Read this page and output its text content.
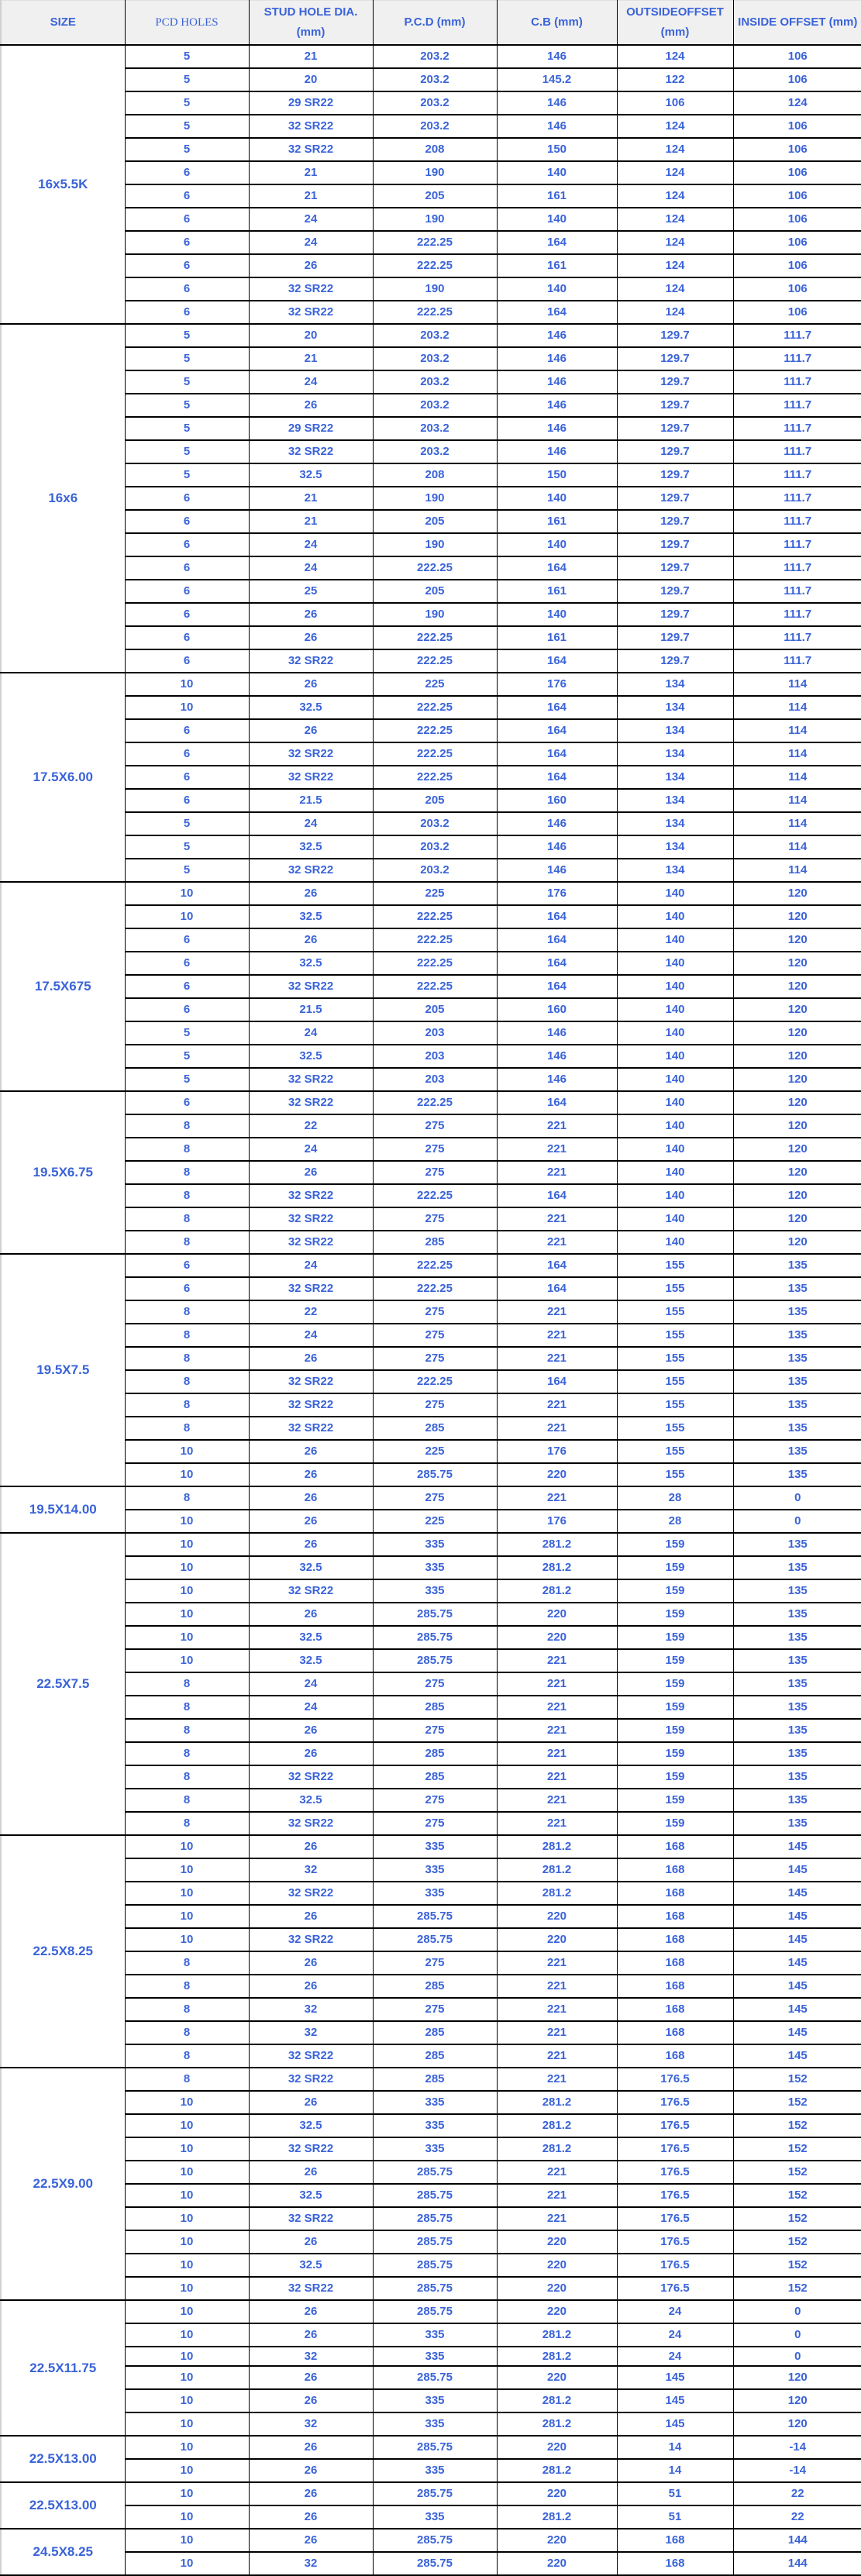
SIZE	PCD HOLES	STUD HOLE DIA. (mm)	P.C.D (mm)	C.B (mm)	OUTSIDEOFFSET (mm)	INSIDE OFFSET (mm)
16x5.5K	5	21	203.2	146	124	106
	5	20	203.2	145.2	122	106
	5	29 SR22	203.2	146	106	124
	5	32 SR22	203.2	146	124	106
	5	32 SR22	208	150	124	106
	6	21	190	140	124	106
	6	21	205	161	124	106
	6	24	190	140	124	106
	6	24	222.25	164	124	106
	6	26	222.25	161	124	106
	6	32 SR22	190	140	124	106
	6	32 SR22	222.25	164	124	106
16x6	5	20	203.2	146	129.7	111.7
	5	21	203.2	146	129.7	111.7
	5	24	203.2	146	129.7	111.7
	5	26	203.2	146	129.7	111.7
	5	29 SR22	203.2	146	129.7	111.7
	5	32 SR22	203.2	146	129.7	111.7
	5	32.5	208	150	129.7	111.7
	6	21	190	140	129.7	111.7
	6	21	205	161	129.7	111.7
	6	24	190	140	129.7	111.7
	6	24	222.25	164	129.7	111.7
	6	25	205	161	129.7	111.7
	6	26	190	140	129.7	111.7
	6	26	222.25	161	129.7	111.7
	6	32 SR22	222.25	164	129.7	111.7
17.5X6.00	10	26	225	176	134	114
	10	32.5	222.25	164	134	114
	6	26	222.25	164	134	114
	6	32 SR22	222.25	164	134	114
	6	32 SR22	222.25	164	134	114
	6	21.5	205	160	134	114
	5	24	203.2	146	134	114
	5	32.5	203.2	146	134	114
	5	32 SR22	203.2	146	134	114
17.5X675	10	26	225	176	140	120
	10	32.5	222.25	164	140	120
	6	26	222.25	164	140	120
	6	32.5	222.25	164	140	120
	6	32 SR22	222.25	164	140	120
	6	21.5	205	160	140	120
	5	24	203	146	140	120
	5	32.5	203	146	140	120
	5	32 SR22	203	146	140	120
19.5X6.75	6	32 SR22	222.25	164	140	120
	8	22	275	221	140	120
	8	24	275	221	140	120
	8	26	275	221	140	120
	8	32 SR22	222.25	164	140	120
	8	32 SR22	275	221	140	120
	8	32 SR22	285	221	140	120
19.5X7.5	6	24	222.25	164	155	135
	6	32 SR22	222.25	164	155	135
	8	22	275	221	155	135
	8	24	275	221	155	135
	8	26	275	221	155	135
	8	32 SR22	222.25	164	155	135
	8	32 SR22	275	221	155	135
	8	32 SR22	285	221	155	135
	10	26	225	176	155	135
	10	26	285.75	220	155	135
19.5X14.00	8	26	275	221	28	0
	10	26	225	176	28	0
22.5X7.5	10	26	335	281.2	159	135
	10	32.5	335	281.2	159	135
	10	32 SR22	335	281.2	159	135
	10	26	285.75	220	159	135
	10	32.5	285.75	220	159	135
	10	32.5	285.75	221	159	135
	8	24	275	221	159	135
	8	24	285	221	159	135
	8	26	275	221	159	135
	8	26	285	221	159	135
	8	32 SR22	285	221	159	135
	8	32.5	275	221	159	135
	8	32 SR22	275	221	159	135
22.5X8.25	10	26	335	281.2	168	145
	10	32	335	281.2	168	145
	10	32 SR22	335	281.2	168	145
	10	26	285.75	220	168	145
	10	32 SR22	285.75	220	168	145
	8	26	275	221	168	145
	8	26	285	221	168	145
	8	32	275	221	168	145
	8	32	285	221	168	145
	8	32 SR22	285	221	168	145
22.5X9.00	8	32 SR22	285	221	176.5	152
	10	26	335	281.2	176.5	152
	10	32.5	335	281.2	176.5	152
	10	32 SR22	335	281.2	176.5	152
	10	26	285.75	221	176.5	152
	10	32.5	285.75	221	176.5	152
	10	32 SR22	285.75	221	176.5	152
	10	26	285.75	220	176.5	152
	10	32.5	285.75	220	176.5	152
	10	32 SR22	285.75	220	176.5	152
22.5X11.75	10	26	285.75	220	24	0
	10	26	335	281.2	24	0
	10	32	335	281.2	24	0
	10	26	285.75	220	145	120
	10	26	335	281.2	145	120
	10	32	335	281.2	145	120
22.5X13.00	10	26	285.75	220	14	-14
	10	26	335	281.2	14	-14
22.5X13.00	10	26	285.75	220	51	22
	10	26	335	281.2	51	22
24.5X8.25	10	26	285.75	220	168	144
	10	32	285.75	220	168	144
